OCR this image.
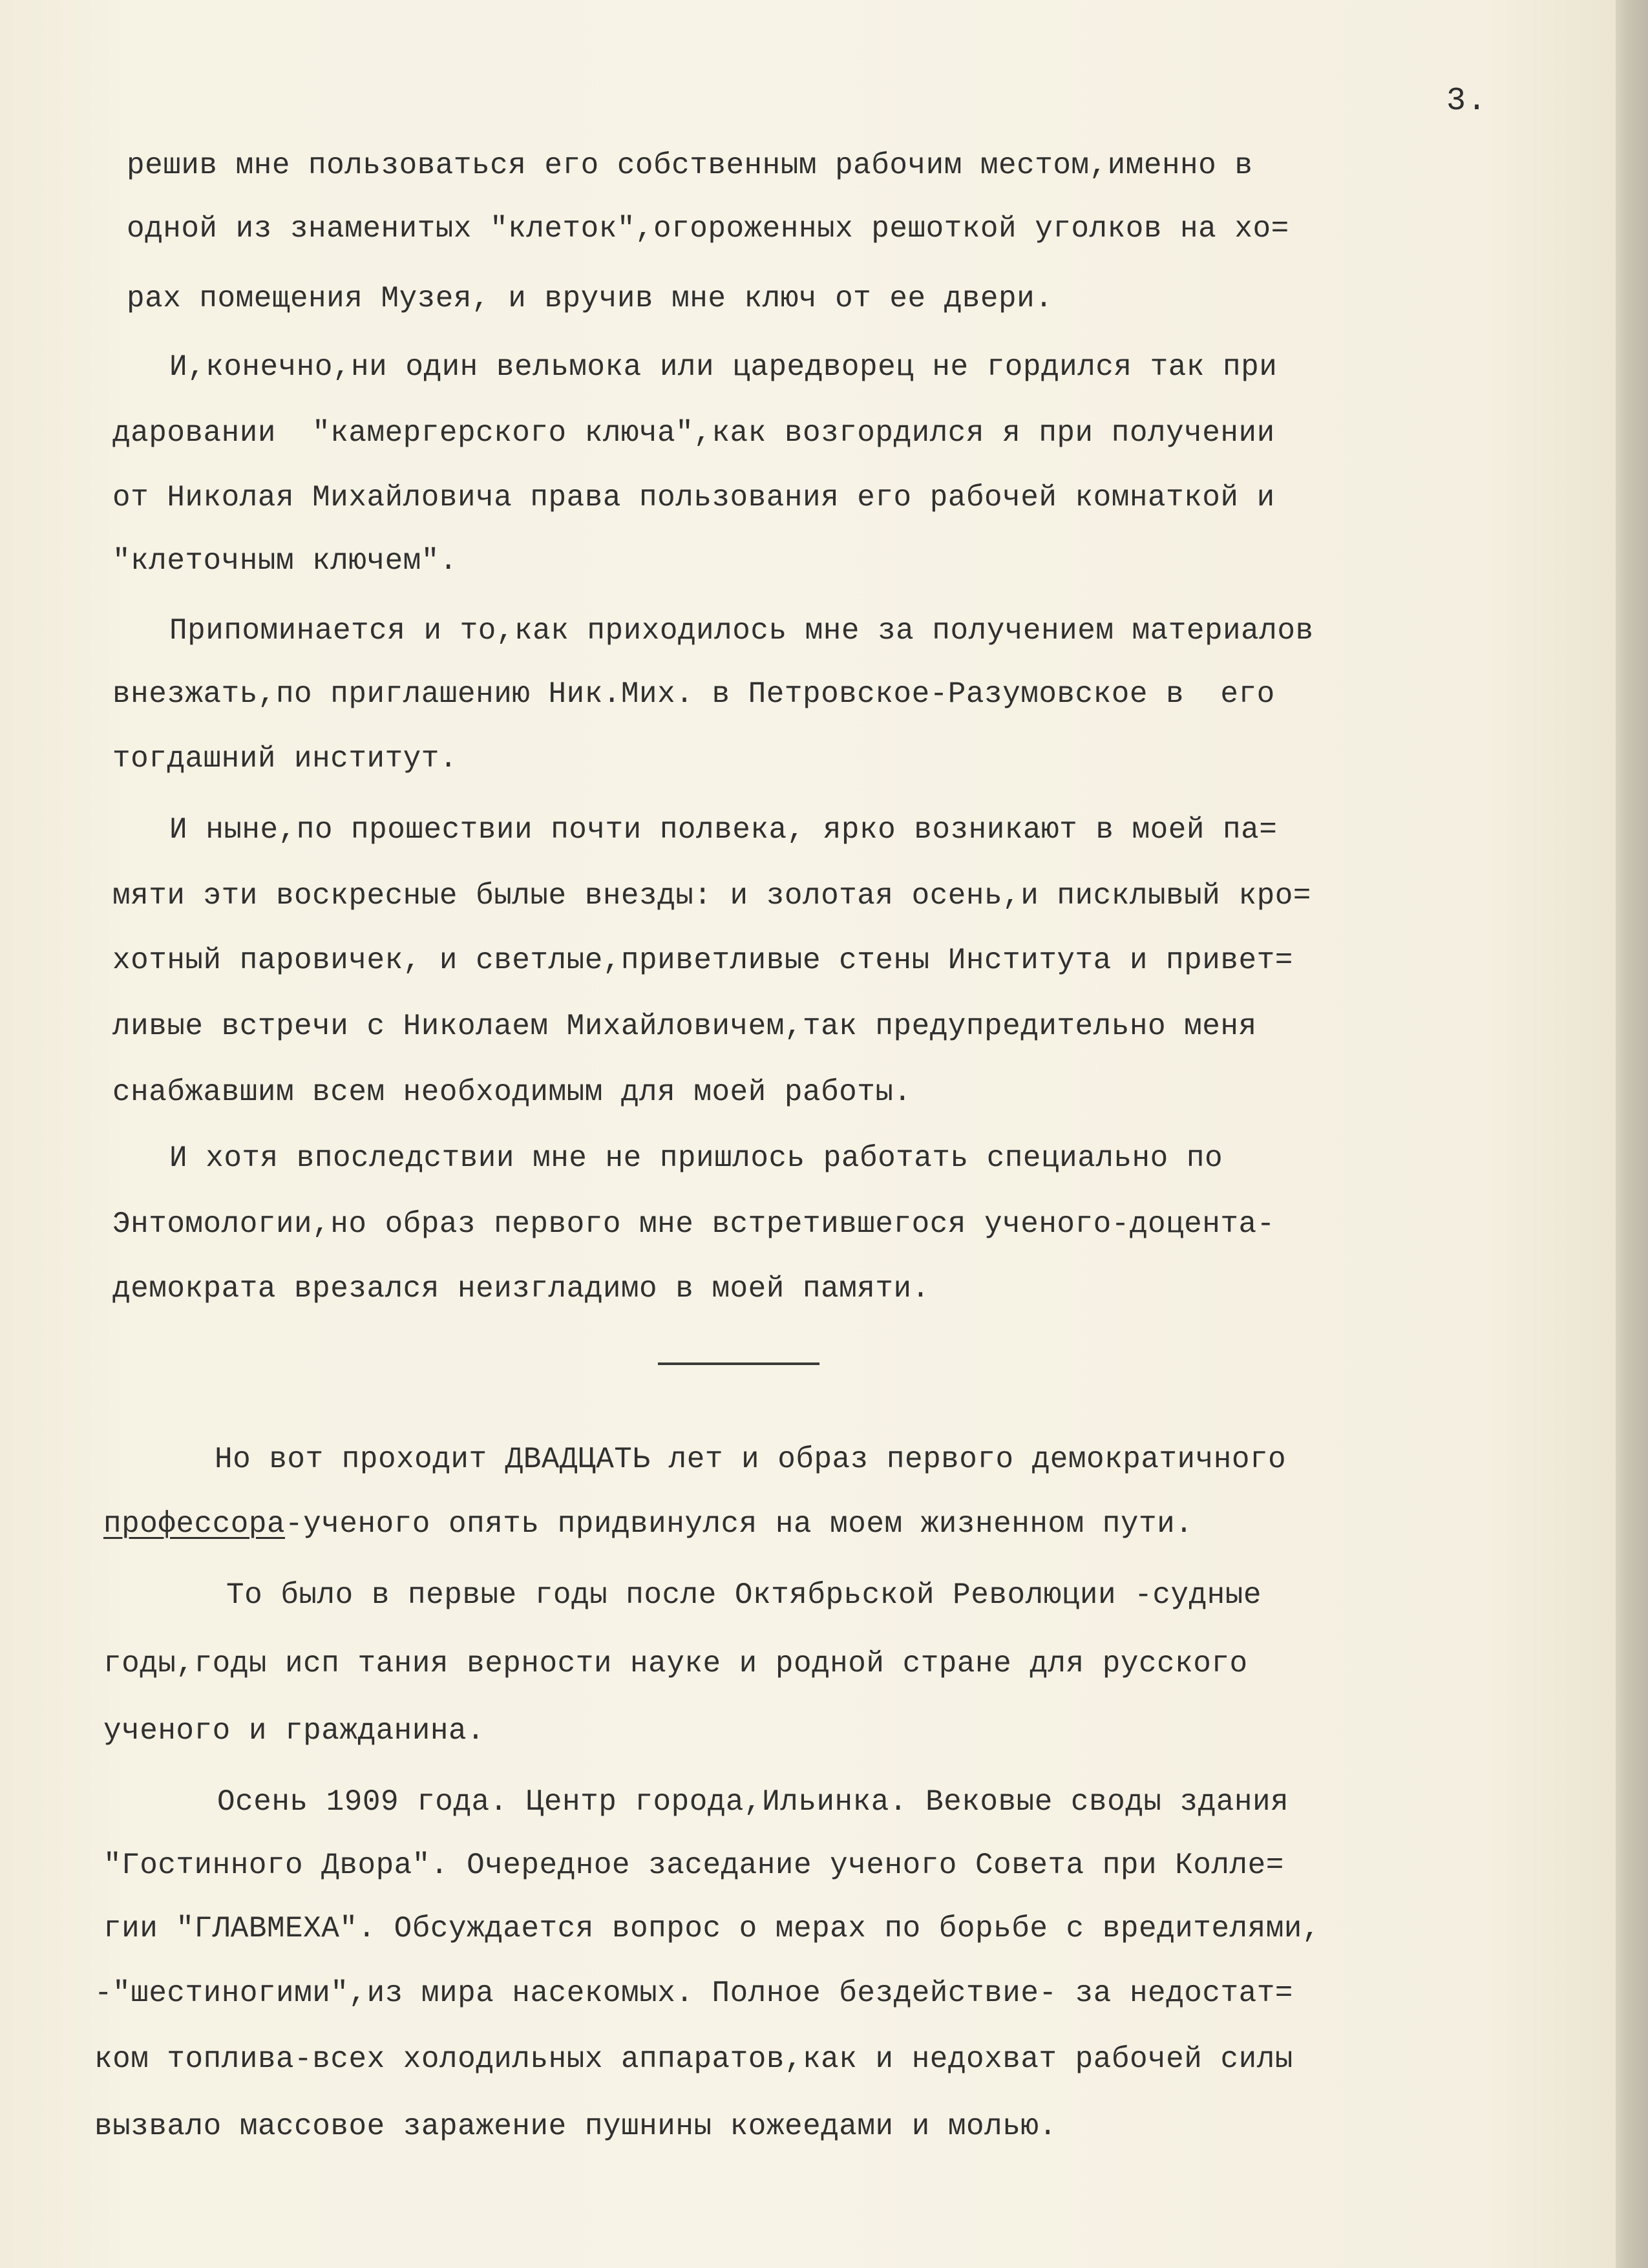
3.

решив мне пользоваться его собственным рабочим местом,именно в

одной из знаменитых "клеток",огороженных решоткой уголков на хо=

рах помещения Музея, и вручив мне ключ от ее двери.

И,конечно,ни один вельмока или царедворец не гордился так при

даровании  "камергерского ключа",как возгордился я при получении

от Николая Михайловича права пользования его рабочей комнаткой и

"клеточным ключем".

Припоминается и то,как приходилось мне за получением материалов

внезжать,по приглашению Ник.Мих. в Петровское-Разумовское в  его

тогдашний институт.

И ныне,по прошествии почти полвека, ярко возникают в моей па=

мяти эти воскресные былые внезды: и золотая осень,и писклывый кро=

хотный паровичек, и светлые,приветливые стены Института и привет=

ливые встречи с Николаем Михайловичем,так предупредительно меня

снабжавшим всем необходимым для моей работы.

И хотя впоследствии мне не пришлось работать специально по

Энтомологии,но образ первого мне встретившегося ученого-доцента-

демократа врезался неизгладимо в моей памяти.

Но вот проходит ДВАДЦАТЬ лет и образ первого демократичного

профессора-ученого опять придвинулся на моем жизненном пути.

То было в первые годы после Октябрьской Революции -судные

годы,годы исп тания верности науке и родной стране для русского

ученого и гражданина.

Осень 1909 года. Центр города,Ильинка. Вековые своды здания

"Гостинного Двора". Очередное заседание ученого Совета при Колле=

гии "ГЛАВМЕХА". Обсуждается вопрос о мерах по борьбе с вредителями,

-"шестиногими",из мира насекомых. Полное бездействие- за недостат=

ком топлива-всех холодильных аппаратов,как и недохват рабочей силы

вызвало массовое заражение пушнины кожеедами и молью.
